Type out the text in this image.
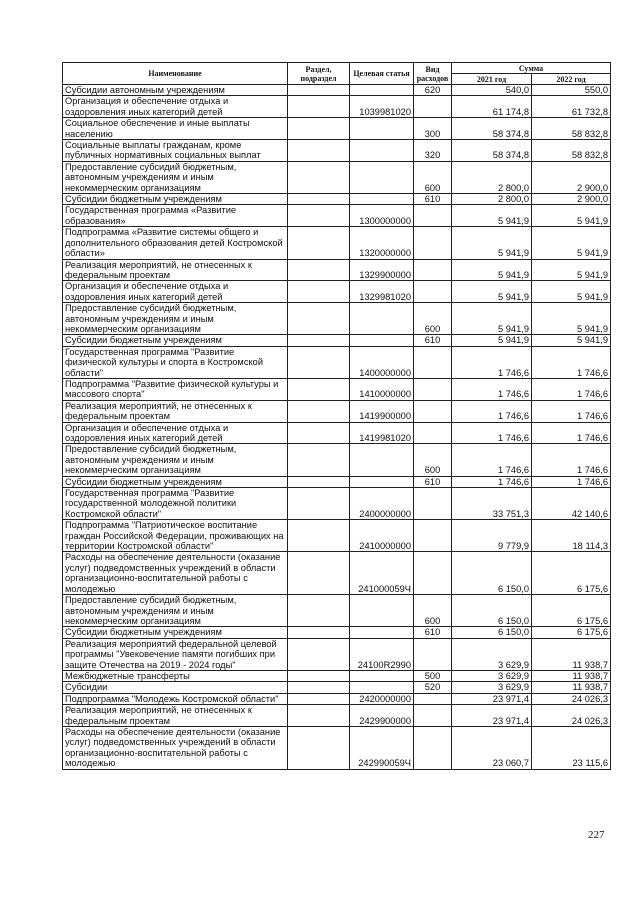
Наименование	Раздел, подраздел	Целевая статья	Вид расходов	Сумма	
				2021 год	2022 год
Субсидии автономным учреждениям			620	540,0	550,0
Организация и обеспечение отдыха и оздоровления иных категорий детей		1039981020		61 174,8	61 732,8
Социальное обеспечение и иные выплаты населению			300	58 374,8	58 832,8
Социальные выплаты гражданам, кроме публичных нормативных социальных выплат			320	58 374,8	58 832,8
Предоставление субсидий бюджетным, автономным учреждениям и иным некоммерческим организациям			600	2 800,0	2 900,0
Субсидии бюджетным учреждениям			610	2 800,0	2 900,0
Государственная программа «Развитие образования»		1300000000		5 941,9	5 941,9
Подпрограмма «Развитие системы общего и дополнительного образования детей Костромской области»		1320000000		5 941,9	5 941,9
Реализация мероприятий, не отнесенных к федеральным проектам		1329900000		5 941,9	5 941,9
Организация и обеспечение отдыха и оздоровления иных категорий детей		1329981020		5 941,9	5 941,9
Предоставление субсидий бюджетным, автономным учреждениям и иным некоммерческим организациям			600	5 941,9	5 941,9
Субсидии бюджетным учреждениям			610	5 941,9	5 941,9
Государственная программа "Развитие физической культуры и спорта в Костромской области"		1400000000		1 746,6	1 746,6
Подпрограмма "Развитие физической культуры и массового спорта"		1410000000		1 746,6	1 746,6
Реализация мероприятий, не отнесенных к федеральным проектам		1419900000		1 746,6	1 746,6
Организация и обеспечение отдыха и оздоровления иных категорий детей		1419981020		1 746,6	1 746,6
Предоставление субсидий бюджетным, автономным учреждениям и иным некоммерческим организациям			600	1 746,6	1 746,6
Субсидии бюджетным учреждениям			610	1 746,6	1 746,6
Государственная программа "Развитие государственной молодежной политики Костромской области"		2400000000		33 751,3	42 140,6
Подпрограмма "Патриотическое воспитание граждан Российской Федерации, проживающих на территории Костромской области"		2410000000		9 779,9	18 114,3
Расходы на обеспечение деятельности (оказание услуг) подведомственных учреждений в области организационно-воспитательной работы с молодежью		241000059Ч		6 150,0	6 175,6
Предоставление субсидий бюджетным, автономным учреждениям и иным некоммерческим организациям			600	6 150,0	6 175,6
Субсидии бюджетным учреждениям			610	6 150,0	6 175,6
Реализация мероприятий федеральной целевой программы "Увековечение памяти погибших при защите Отечества на 2019 - 2024 годы"		24100R2990		3 629,9	11 938,7
Межбюджетные трансферты			500	3 629,9	11 938,7
Субсидии			520	3 629,9	11 938,7
Подпрограмма "Молодежь Костромской области"		2420000000		23 971,4	24 026,3
Реализация мероприятий, не отнесенных к федеральным проектам		2429900000		23 971,4	24 026,3
Расходы на обеспечение деятельности (оказание услуг) подведомственных учреждений в области организационно-воспитательной работы с молодежью		242990059Ч		23 060,7	23 115,6
227
